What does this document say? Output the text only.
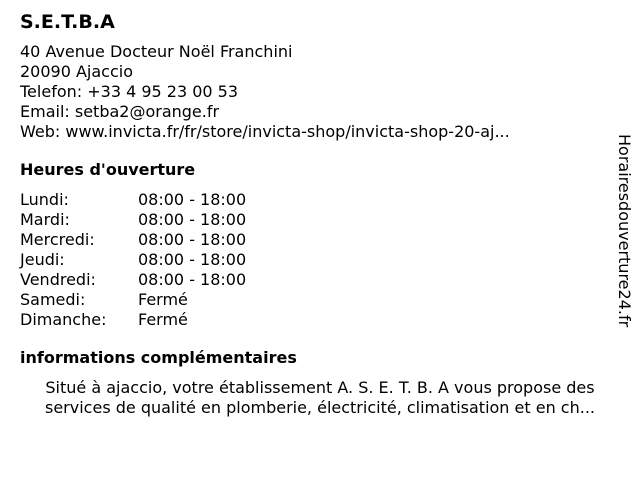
S.E.T.B.A
40 Avenue Docteur Noël Franchini
20090 Ajaccio
Telefon: +33 4 95 23 00 53
Email: setba2@orange.fr
Web: www.invicta.fr/fr/store/invicta-shop/invicta-shop-20-aj...
Heures d'ouverture
Lundi:	08:00 - 18:00
Mardi:	08:00 - 18:00
Mercredi:	08:00 - 18:00
Jeudi:	08:00 - 18:00
Vendredi:	08:00 - 18:00
Samedi:	Fermé
Dimanche:	Fermé
informations complémentaires
Situé à ajaccio, votre établissement A. S. E. T. B. A vous propose des
services de qualité en plomberie, électricité, climatisation et en ch...
Horairesdouverture24.fr
